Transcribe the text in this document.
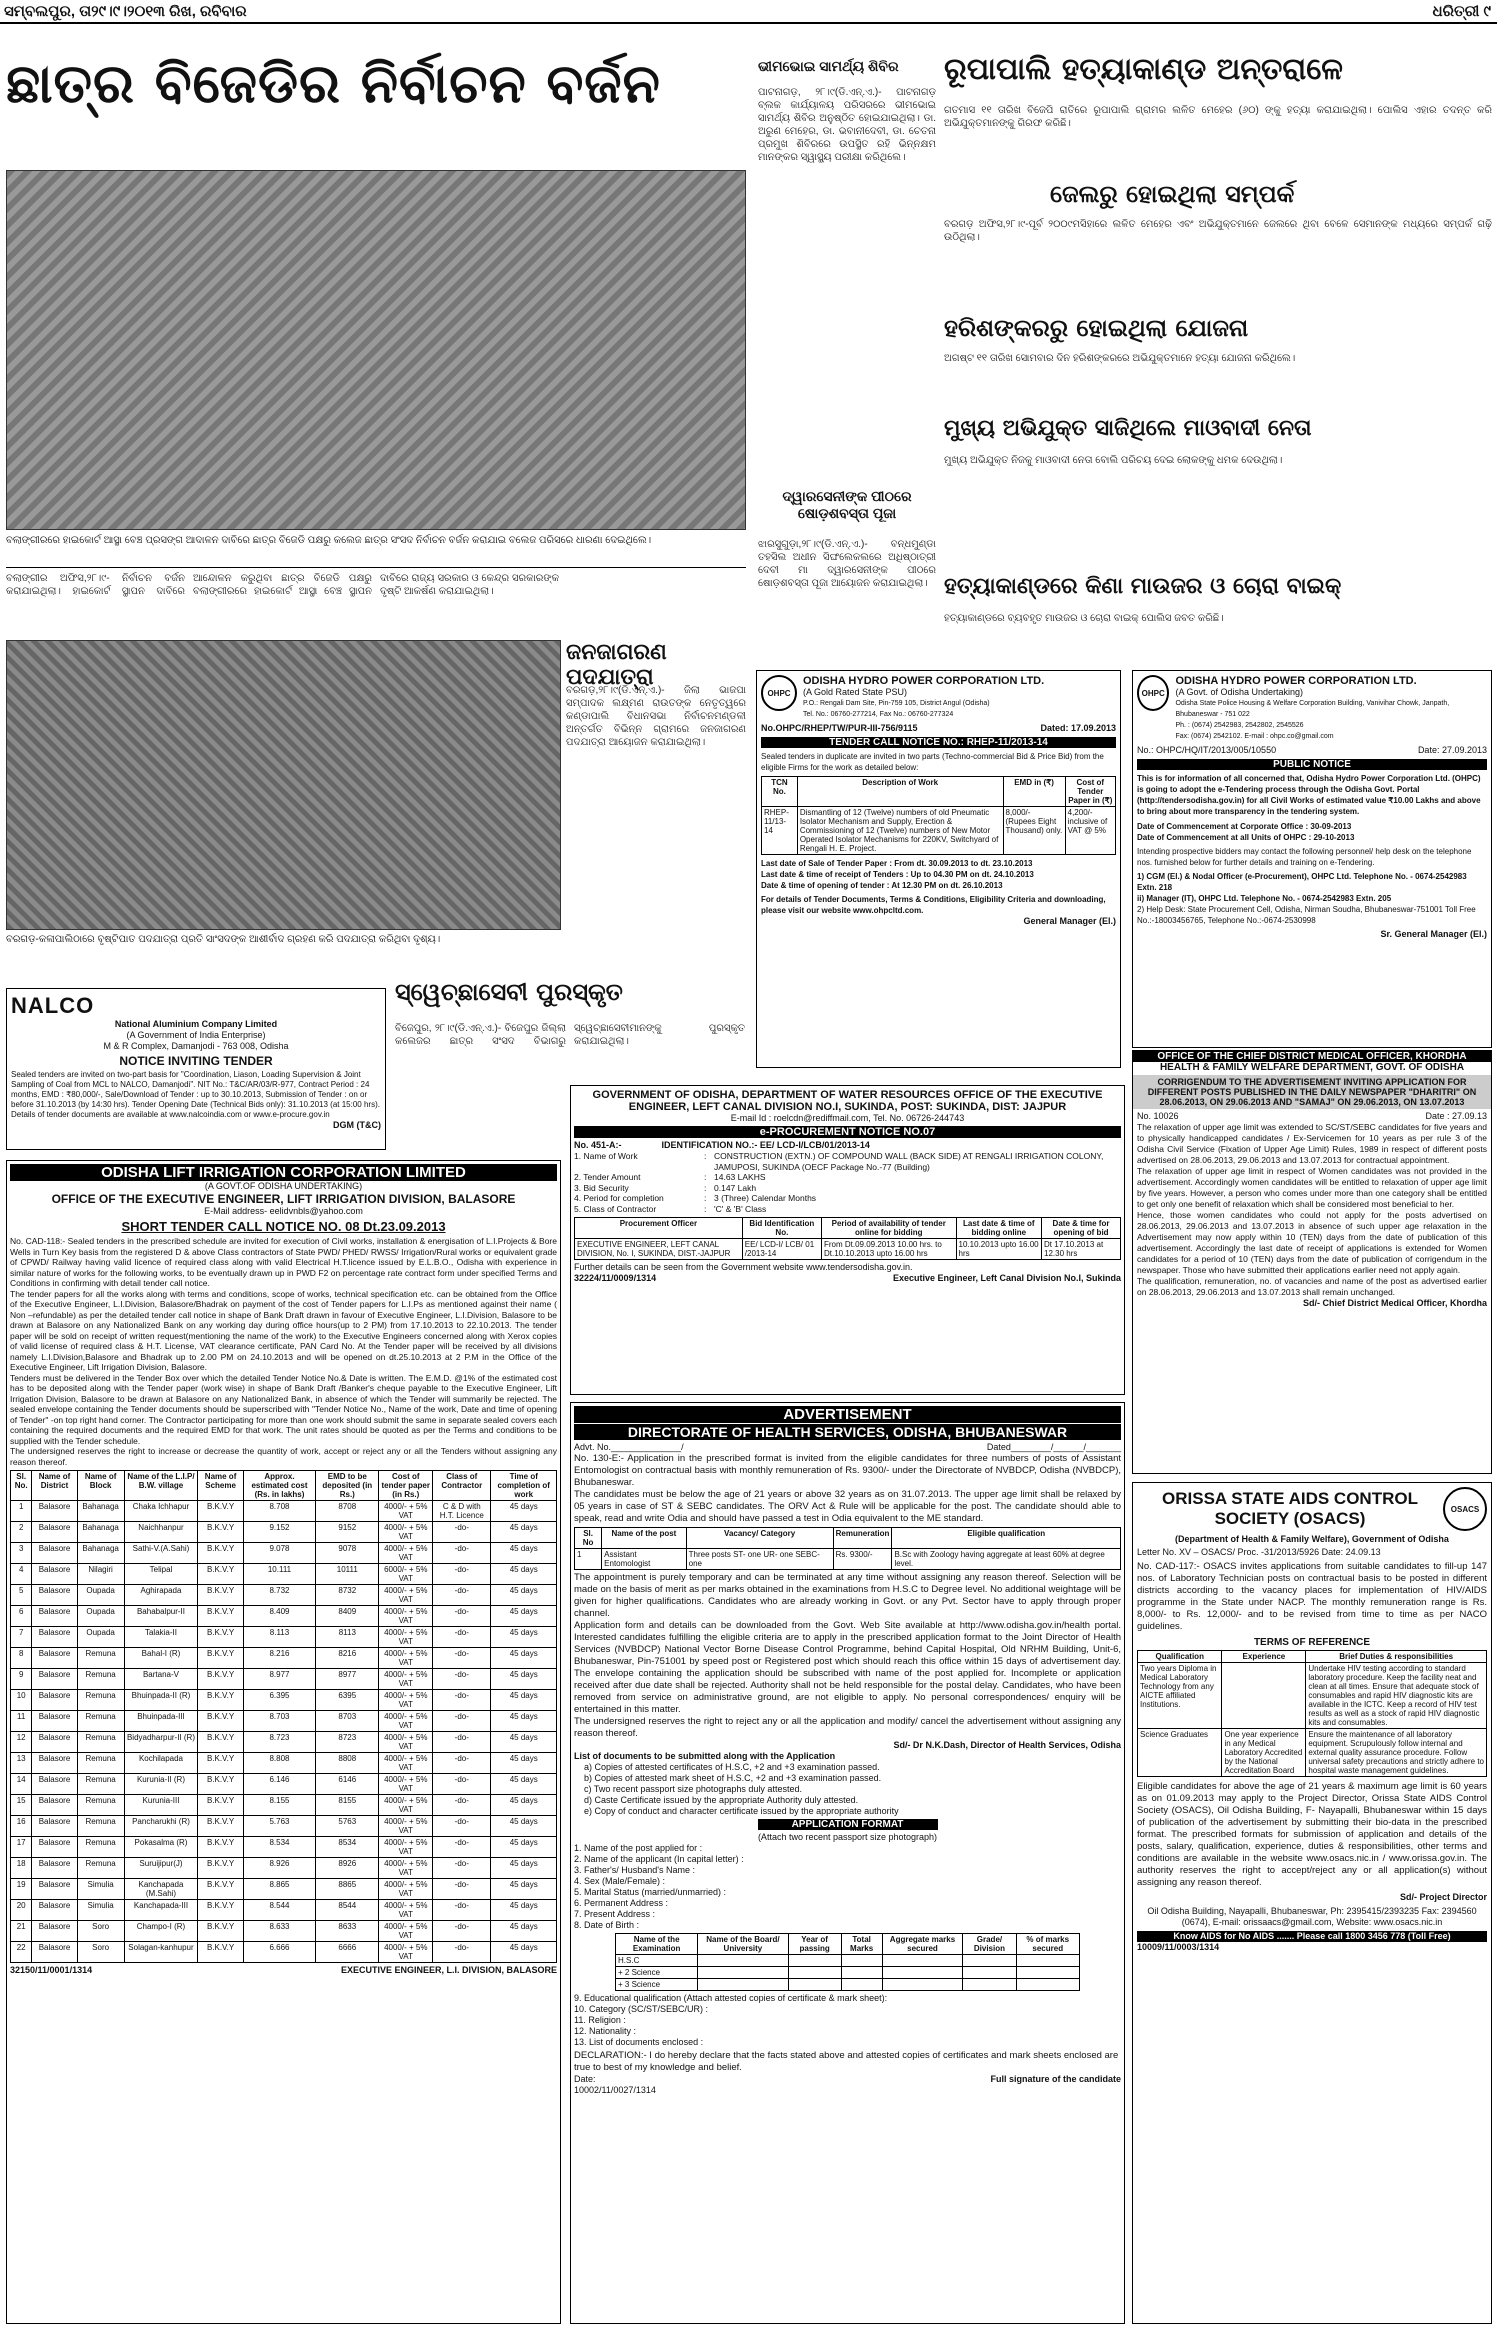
ସମ୍ବଲପୁର, ତା୨୯।୯।୨୦୧୩ ରିଖ, ରବିବାର	ଧରିତ୍ରୀ ୯
ଛାତ୍ର ବିଜେଡିର ନିର୍ବାଚନ ବର୍ଜନ
ବଲାଙ୍ଗୀରରେ ହାଇକୋର୍ଟ ଆସ୍ଥା ବେଞ୍ଚ ପ୍ରସଙ୍ଗ ଆଦାଳନ ଦାବିରେ ଛାତ୍ର ବିଜେଡି ପକ୍ଷରୁ କଲେଜ ଛାତ୍ର ସଂସଦ ନିର୍ବାଚନ ବର୍ଜନ କରାଯାଇ ବଲେଜ ପରିସରେ ଧାରଣା ଦେଇଥିଲେ।
ବଲାଙ୍ଗୀର ଅଫିସ,୨୮।୯- ନିର୍ବାଚନ ବର୍ଜନ କରାଯାଇଥିଲା। ହାଇକୋର୍ଟ ସ୍ଥାପନ ଦାବିରେ ଆନ୍ଦୋଳନ କରୁଥିବା ଛାତ୍ର ବିଜେଡି ପକ୍ଷରୁ ବଲାଙ୍ଗୀରରେ ହାଇକୋର୍ଟ ଆସ୍ଥା ବେଞ୍ଚ ସ୍ଥାପନ ଦାବିରେ ରାଜ୍ୟ ସରକାର ଓ କେନ୍ଦ୍ର ସରକାରଙ୍କ ଦୃଷ୍ଟି ଆକର୍ଷଣ କରାଯାଇଥିଲା।
ବରଗଡ଼-କଳାପାଲିଠାରେ ବୃଷ୍ଟିପାତ ପଦଯାତ୍ରା ପ୍ରତି ସାଂସଦଙ୍କ ଆଶୀର୍ବାଦ ଗ୍ରହଣ କରି ପଦଯାତ୍ରା କରିଥିବା ଦୃଶ୍ୟ।
ଜନଜାଗରଣ ପଦଯାତ୍ରା
ବରଗଡ଼,୨୮।୯(ଡି.ଏନ୍.ଏ.)- ଜିଲା ଭାଜପା ସମ୍ପାଦକ ଲକ୍ଷ୍ମଣ ରାଉତଙ୍କ ନେତୃତ୍ୱରେ କଣ୍ଡାପାଲି ବିଧାନସଭା ନିର୍ବାଚନମଣ୍ଡଳୀ ଅନ୍ତର୍ଗତ ବିଭିନ୍ନ ଗ୍ରାମରେ ଜନଜାଗରଣ ପଦଯାତ୍ରା ଆୟୋଜନ କରାଯାଇଥିଲା।
NALCO
National Aluminium Company Limited
(A Government of India Enterprise)
M & R Complex, Damanjodi - 763 008, Odisha
NOTICE INVITING TENDER
Sealed tenders are invited on two-part basis for "Coordination, Liason, Loading Supervision & Joint Sampling of Coal from MCL to NALCO, Damanjodi". NIT No.: T&C/AR/03/R-977, Contract Period : 24 months, EMD : ₹80,000/-, Sale/Download of Tender : up to 30.10.2013, Submission of Tender : on or before 31.10.2013 (by 14:30 hrs). Tender Opening Date (Technical Bids only): 31.10.2013 (at 15:00 hrs). Details of tender documents are available at www.nalcoindia.com or www.e-procure.gov.in
DGM (T&C)
ସ୍ୱେଚ୍ଛାସେବୀ ପୁରସ୍କୃତ
ବିଜେପୁର, ୨୮।୯(ଡି.ଏନ୍.ଏ.)- ବିଜେପୁର ଜିଲ୍ଲା କଲେଜର ଛାତ୍ର ସଂସଦ ବିଭାଗରୁ ସ୍ୱେଚ୍ଛାସେବୀମାନଙ୍କୁ ପୁରସ୍କୃତ କରାଯାଇଥିଲା।
ଭୀମଭୋଇ ସାମର୍ଥ୍ୟ ଶିବିର
ପାଟନାଗଡ଼, ୨୮।୯(ଡି.ଏନ୍.ଏ.)- ପାଟନାଗଡ଼ ବ୍ଲକ କାର୍ଯ୍ୟାଳୟ ପରିସରରେ ଭୀମଭୋଇ ସାମର୍ଥ୍ୟ ଶିବିର ଅନୁଷ୍ଠିତ ହୋଇଯାଇଥିଲା। ଡା. ଅରୁଣ ମେହେର, ଡା. ଭବାନୀଦେବୀ, ଡା. ଚେତନା ପ୍ରମୁଖ ଶିବିରରେ ଉପସ୍ଥିତ ରହି ଭିନ୍ନକ୍ଷମ ମାନଙ୍କର ସ୍ୱାସ୍ଥ୍ୟ ପରୀକ୍ଷା କରିଥିଲେ।
ଦ୍ୱାରସେନୀଙ୍କ ପୀଠରେ ଷୋଡ଼ଶବସ୍ତା ପୂଜା
ଝାରସୁଗୁଡ଼ା,୨୮।୯(ଡି.ଏନ୍.ଏ.)- ବନ୍ଧମୁଣ୍ଡା ତହସିଲ ଅଧୀନ ସିଙ୍ଘଲେକଲରେ ଅଧିଷ୍ଠାତ୍ରୀ ଦେବୀ ମା ଦ୍ୱାରସେନୀଙ୍କ ପୀଠରେ ଷୋଡ଼ଶବସ୍ତା ପୂଜା ଆୟୋଜନ କରାଯାଇଥିଲା।
ରୂପାପାଲି ହତ୍ୟାକାଣ୍ଡ ଅନ୍ତରାଳେ
ଗତମାସ ୧୧ ତାରିଖ ବିଜେପି ରାତିରେ ରୂପାପାଲି ଗ୍ରାମର ଲଳିତ ମେହେର (୬୦) ଙ୍କୁ ହତ୍ୟା କରାଯାଇଥିଲା। ପୋଲିସ ଏହାର ତଦନ୍ତ କରି ଅଭିଯୁକ୍ତମାନଙ୍କୁ ଗିରଫ କରିଛି।
ଜେଲରୁ ହୋଇଥିଲା ସମ୍ପର୍କ
ବରଗଡ଼ ଅଫିସ,୨୮।୯-ପୂର୍ବ ୨୦୦୯ମସିହାରେ ଲଳିତ ମେହେର ଏବଂ ଅଭିଯୁକ୍ତମାନେ ଜେଲରେ ଥିବା ବେଳେ ସେମାନଙ୍କ ମଧ୍ୟରେ ସମ୍ପର୍କ ଗଢ଼ି ଉଠିଥିଲା।
ହରିଶଙ୍କରରୁ ହୋଇଥିଲା ଯୋଜନା
ଅଗଷ୍ଟ ୧୧ ତାରିଖ ସୋମବାର ଦିନ ହରିଶଙ୍କରରେ ଅଭିଯୁକ୍ତମାନେ ହତ୍ୟା ଯୋଜନା କରିଥିଲେ।
ମୁଖ୍ୟ ଅଭିଯୁକ୍ତ ସାଜିଥିଲେ ମାଓବାଦୀ ନେତା
ମୁଖ୍ୟ ଅଭିଯୁକ୍ତ ନିଜକୁ ମାଓବାଦୀ ନେତା ବୋଲି ପରିଚୟ ଦେଇ ଲୋକଙ୍କୁ ଧମକ ଦେଉଥିଲା।
ହତ୍ୟାକାଣ୍ଡରେ କିଣା ମାଉଜର ଓ ଚୋରା ବାଇକ୍
ହତ୍ୟାକାଣ୍ଡରେ ବ୍ୟବହୃତ ମାଉଜର ଓ ଚୋରା ବାଇକ୍ ପୋଲିସ ଜବତ କରିଛି।
OHPC
ODISHA HYDRO POWER CORPORATION LTD.
(A Gold Rated State PSU)
P.O.: Rengali Dam Site, Pin-759 105, District Angul (Odisha)
Tel. No.: 06760-277214, Fax No.: 06760-277324
No.OHPC/RHEP/TW/PUR-III-756/9115	Dated: 17.09.2013
TENDER CALL NOTICE NO.: RHEP-11/2013-14
Sealed tenders in duplicate are invited in two parts (Techno-commercial Bid & Price Bid) from the eligible Firms for the work as detailed below:
TCN No.	Description of Work	EMD in (₹)	Cost of Tender Paper in (₹)
RHEP-11/13-14	Dismantling of 12 (Twelve) numbers of old Pneumatic Isolator Mechanism and Supply, Erection & Commissioning of 12 (Twelve) numbers of New Motor Operated Isolator Mechanisms for 220KV, Switchyard of Rengali H. E. Project.	8,000/- (Rupees Eight Thousand) only.	4,200/- inclusive of VAT @ 5%
Last date of Sale of Tender Paper : From dt. 30.09.2013 to dt. 23.10.2013
Last date & time of receipt of Tenders : Up to 04.30 PM on dt. 24.10.2013
Date & time of opening of tender : At 12.30 PM on dt. 26.10.2013
For details of Tender Documents, Terms & Conditions, Eligibility Criteria and downloading, please visit our website www.ohpcltd.com.
General Manager (El.)
OHPC
ODISHA HYDRO POWER CORPORATION LTD.
(A Govt. of Odisha Undertaking)
Odisha State Police Housing & Welfare Corporation Building, Vanivihar Chowk, Janpath, Bhubaneswar - 751 022
Ph. : (0674) 2542983, 2542802, 2545526
Fax: (0674) 2542102. E-mail : ohpc.co@gmail.com
No.: OHPC/HQ/IT/2013/005/10550	Date: 27.09.2013
PUBLIC NOTICE
This is for information of all concerned that, Odisha Hydro Power Corporation Ltd. (OHPC) is going to adopt the e-Tendering process through the Odisha Govt. Portal (http://tendersodisha.gov.in) for all Civil Works of estimated value ₹10.00 Lakhs and above to bring about more transparency in the tendering system.
Date of Commencement at Corporate Office : 30-09-2013
Date of Commencement at all Units of OHPC : 29-10-2013
Intending prospective bidders may contact the following personnel/ help desk on the telephone nos. furnished below for further details and training on e-Tendering.
1) CGM (El.) & Nodal Officer (e-Procurement), OHPC Ltd. Telephone No. - 0674-2542983 Extn. 218
ii) Manager (IT), OHPC Ltd. Telephone No. - 0674-2542983 Extn. 205
2) Help Desk: State Procurement Cell, Odisha, Nirman Soudha, Bhubaneswar-751001 Toll Free No.:-18003456765, Telephone No.:-0674-2530998
Sr. General Manager (El.)
OFFICE OF THE CHIEF DISTRICT MEDICAL OFFICER, KHORDHA
HEALTH & FAMILY WELFARE DEPARTMENT, GOVT. OF ODISHA
CORRIGENDUM TO THE ADVERTISEMENT INVITING APPLICATION FOR DIFFERENT POSTS PUBLISHED IN THE DAILY NEWSPAPER "DHARITRI" ON 28.06.2013, ON 29.06.2013 AND "SAMAJ" ON 29.06.2013, ON 13.07.2013
No. 10026	Date : 27.09.13
The relaxation of upper age limit was extended to SC/ST/SEBC candidates for five years and to physically handicapped candidates / Ex-Servicemen for 10 years as per rule 3 of the Odisha Civil Service (Fixation of Upper Age Limit) Rules, 1989 in respect of different posts advertised on 28.06.2013, 29.06.2013 and 13.07.2013 for contractual appointment.
The relaxation of upper age limit in respect of Women candidates was not provided in the advertisement. Accordingly women candidates will be entitled to relaxation of upper age limit by five years. However, a person who comes under more than one category shall be entitled to get only one benefit of relaxation which shall be considered most beneficial to her.
Hence, those women candidates who could not apply for the posts advertised on 28.06.2013, 29.06.2013 and 13.07.2013 in absence of such upper age relaxation in the Advertisement may now apply within 10 (TEN) days from the date of publication of this advertisement. Accordingly the last date of receipt of applications is extended for Women candidates for a period of 10 (TEN) days from the date of publication of corrigendum in the newspaper. Those who have submitted their applications earlier need not apply again.
The qualification, remuneration, no. of vacancies and name of the post as advertised earlier on 28.06.2013, 29.06.2013 and 13.07.2013 shall remain unchanged.
Sd/- Chief District Medical Officer, Khordha
ORISSA STATE AIDS CONTROL SOCIETY (OSACS)	OSACS
(Department of Health & Family Welfare), Government of Odisha
Letter No. XV – OSACS/ Proc. -31/2013/5926 Date: 24.09.13
No. CAD-117:- OSACS invites applications from suitable candidates to fill-up 147 nos. of Laboratory Technician posts on contractual basis to be posted in different districts according to the vacancy places for implementation of HIV/AIDS programme in the State under NACP. The monthly remuneration range is Rs. 8,000/- to Rs. 12,000/- and to be revised from time to time as per NACO guidelines.
TERMS OF REFERENCE
Qualification	Experience	Brief Duties & responsibilities
Two years Diploma in Medical Laboratory Technology from any AICTE affiliated Institutions.		Undertake HIV testing according to standard laboratory procedure. Keep the facility neat and clean at all times. Ensure that adequate stock of consumables and rapid HIV diagnostic kits are available in the ICTC. Keep a record of HIV test results as well as a stock of rapid HIV diagnostic kits and consumables.
Science Graduates	One year experience in any Medical Laboratory Accredited by the National Accreditation Board	Ensure the maintenance of all laboratory equipment. Scrupulously follow internal and external quality assurance procedure. Follow universal safety precautions and strictly adhere to hospital waste management guidelines.
Eligible candidates for above the age of 21 years & maximum age limit is 60 years as on 01.09.2013 may apply to the Project Director, Orissa State AIDS Control Society (OSACS), Oil Odisha Building, F- Nayapalli, Bhubaneswar within 15 days of publication of the advertisement by submitting their bio-data in the prescribed format. The prescribed formats for submission of application and details of the posts, salary, qualification, experience, duties & responsibilities, other terms and conditions are available in the website www.osacs.nic.in / www.orissa.gov.in. The authority reserves the right to accept/reject any or all application(s) without assigning any reason thereof.
Sd/- Project Director
Oil Odisha Building, Nayapalli, Bhubaneswar, Ph: 2395415/2393235 Fax: 2394560 (0674), E-mail: orissaacs@gmail.com, Website: www.osacs.nic.in
Know AIDS for No AIDS ....... Please call 1800 3456 778 (Toll Free)
10009/11/0003/1314
GOVERNMENT OF ODISHA, DEPARTMENT OF WATER RESOURCES OFFICE OF THE EXECUTIVE ENGINEER, LEFT CANAL DIVISION NO.I, SUKINDA, POST: SUKINDA, DIST: JAJPUR
E-mail Id : roelcdn@rediffmail.com, Tel. No. 06726-244743
e-PROCUREMENT NOTICE NO.07
No. 451-A:-	IDENTIFICATION NO.:- EE/ LCD-I/LCB/01/2013-14
1. Name of Work	: CONSTRUCTION (EXTN.) OF COMPOUND WALL (BACK SIDE) AT RENGALI IRRIGATION COLONY, JAMUPOSI, SUKINDA (OECF Package No.-77 (Building)
2. Tender Amount	: 14.63 LAKHS
3. Bid Security	: 0.147 Lakh
4. Period for completion	: 3 (Three) Calendar Months
5. Class of Contractor	: 'C' & 'B' Class
Procurement Officer	Bid Identification No.	Period of availability of tender online for bidding	Last date & time of bidding online	Date & time for opening of bid
EXECUTIVE ENGINEER, LEFT CANAL DIVISION, No. I, SUKINDA, DIST.-JAJPUR	EE/ LCD-I/ LCB/ 01 /2013-14	From Dt.09.09.2013 10.00 hrs. to Dt.10.10.2013 upto 16.00 hrs	10.10.2013 upto 16.00 hrs	Dt 17.10.2013 at 12.30 hrs
Further details can be seen from the Government website www.tendersodisha.gov.in.
32224/11/0009/1314	Executive Engineer, Left Canal Division No.I, Sukinda
ADVERTISEMENT
DIRECTORATE OF HEALTH SERVICES, ODISHA, BHUBANESWAR
Advt. No.______________/	Dated________/______/_______
No. 130-E:- Application in the prescribed format is invited from the eligible candidates for three numbers of posts of Assistant Entomologist on contractual basis with monthly remuneration of Rs. 9300/- under the Directorate of NVBDCP, Odisha (NVBDCP), Bhubaneswar.
The candidates must be below the age of 21 years or above 32 years as on 31.07.2013. The upper age limit shall be relaxed by 05 years in case of ST & SEBC candidates. The ORV Act & Rule will be applicable for the post. The candidate should able to speak, read and write Odia and should have passed a test in Odia equivalent to the ME standard.
Sl. No	Name of the post	Vacancy/ Category	Remuneration	Eligible qualification
1	Assistant Entomologist	Three posts ST- one UR- one SEBC- one	Rs. 9300/-	B.Sc with Zoology having aggregate at least 60% at degree level.
The appointment is purely temporary and can be terminated at any time without assigning any reason thereof. Selection will be made on the basis of merit as per marks obtained in the examinations from H.S.C to Degree level. No additional weightage will be given for higher qualifications. Candidates who are already working in Govt. or any Pvt. Sector have to apply through proper channel.
Application form and details can be downloaded from the Govt. Web Site available at http://www.odisha.gov.in/health portal. Interested candidates fulfilling the eligible criteria are to apply in the prescribed application format to the Joint Director of Health Services (NVBDCP) National Vector Borne Disease Control Programme, behind Capital Hospital, Old NRHM Building, Unit-6, Bhubaneswar, Pin-751001 by speed post or Registered post which should reach this office within 15 days of advertisement day. The envelope containing the application should be subscribed with name of the post applied for. Incomplete or application received after due date shall be rejected. Authority shall not be held responsible for the postal delay. Candidates, who have been removed from service on administrative ground, are not eligible to apply. No personal correspondences/ enquiry will be entertained in this matter.
The undersigned reserves the right to reject any or all the application and modify/ cancel the advertisement without assigning any reason thereof.
Sd/- Dr N.K.Dash, Director of Health Services, Odisha
List of documents to be submitted along with the Application
a) Copies of attested certificates of H.S.C, +2 and +3 examination passed.
b) Copies of attested mark sheet of H.S.C, +2 and +3 examination passed.
c) Two recent passport size photographs duly attested.
d) Caste Certificate issued by the appropriate Authority duly attested.
e) Copy of conduct and character certificate issued by the appropriate authority
APPLICATION FORMAT
(Attach two recent passport size photograph)
1. Name of the post applied for :
2. Name of the applicant (In capital letter) :
3. Father's/ Husband's Name :
4. Sex (Male/Female) :
5. Marital Status (married/unmarried) :
6. Permanent Address :
7. Present Address :
8. Date of Birth :
Name of the Examination	Name of the Board/ University	Year of passing	Total Marks	Aggregate marks secured	Grade/ Division	% of marks secured
H.S.C						
+ 2 Science						
+ 3 Science						
9. Educational qualification (Attach attested copies of certificate & mark sheet):
10. Category (SC/ST/SEBC/UR) :
11. Religion :
12. Nationality :
13. List of documents enclosed :
DECLARATION:- I do hereby declare that the facts stated above and attested copies of certificates and mark sheets enclosed are true to best of my knowledge and belief.
Date:	Full signature of the candidate
10002/11/0027/1314
ODISHA LIFT IRRIGATION CORPORATION LIMITED
(A GOVT.OF ODISHA UNDERTAKING)
OFFICE OF THE EXECUTIVE ENGINEER, LIFT IRRIGATION DIVISION, BALASORE
E-Mail address- eelidvnbls@yahoo.com
SHORT TENDER CALL NOTICE NO. 08 Dt.23.09.2013
No. CAD-118:- Sealed tenders in the prescribed schedule are invited for execution of Civil works, installation & energisation of L.I.Projects & Bore Wells in Turn Key basis from the registered D & above Class contractors of State PWD/ PHED/ RWSS/ Irrigation/Rural works or equivalent grade of CPWD/ Railway having valid licence of required class along with valid Electrical H.T.licence issued by E.L.B.O., Odisha with experience in similar nature of works for the following works, to be eventually drawn up in PWD F2 on percentage rate contract form under specified Terms and Conditions in confirming with detail tender call notice.
The tender papers for all the works along with terms and conditions, scope of works, technical specification etc. can be obtained from the Office of the Executive Engineer, L.I.Division, Balasore/Bhadrak on payment of the cost of Tender papers for L.I.Ps as mentioned against their name ( Non –refundable) as per the detailed tender call notice in shape of Bank Draft drawn in favour of Executive Engineer, L.I.Division, Balasore to be drawn at Balasore on any Nationalized Bank on any working day during office hours(up to 2 PM) from 17.10.2013 to 22.10.2013. The tender paper will be sold on receipt of written request(mentioning the name of the work) to the Executive Engineers concerned along with Xerox copies of valid license of required class & H.T. License, VAT clearance certificate, PAN Card No. At the Tender paper will be received by all divisions namely L.I.Division,Balasore and Bhadrak up to 2.00 PM on 24.10.2013 and will be opened on dt.25.10.2013 at 2 P.M in the Office of the Executive Engineer, Lift Irrigation Division, Balasore.
Tenders must be delivered in the Tender Box over which the detailed Tender Notice No.& Date is written. The E.M.D. @1% of the estimated cost has to be deposited along with the Tender paper (work wise) in shape of Bank Draft /Banker's cheque payable to the Executive Engineer, Lift Irrigation Division, Balasore to be drawn at Balasore on any Nationalized Bank, in absence of which the Tender will summarily be rejected. The sealed envelope containing the Tender documents should be superscribed with "Tender Notice No., Name of the work, Date and time of opening of Tender" -on top right hand corner. The Contractor participating for more than one work should submit the same in separate sealed covers each containing the required documents and the required EMD for that work. The unit rates should be quoted as per the Terms and conditions to be supplied with the Tender schedule.
The undersigned reserves the right to increase or decrease the quantity of work, accept or reject any or all the Tenders without assigning any reason thereof.
Sl. No.	Name of District	Name of Block	Name of the L.I.P/ B.W. village	Name of Scheme	Approx. estimated cost (Rs. in lakhs)	EMD to be deposited (in Rs.)	Cost of tender paper (in Rs.)	Class of Contractor	Time of completion of work
1	Balasore	Bahanaga	Chaka Ichhapur	B.K.V.Y	8.708	8708	4000/- + 5% VAT	C & D with H.T. Licence	45 days
2	Balasore	Bahanaga	Naichhanpur	B.K.V.Y	9.152	9152	4000/- + 5% VAT	-do-	45 days
3	Balasore	Bahanaga	Sathi-V.(A.Sahi)	B.K.V.Y	9.078	9078	4000/- + 5% VAT	-do-	45 days
4	Balasore	Nilagiri	Telipal	B.K.V.Y	10.111	10111	6000/- + 5% VAT	-do-	45 days
5	Balasore	Oupada	Aghirapada	B.K.V.Y	8.732	8732	4000/- + 5% VAT	-do-	45 days
6	Balasore	Oupada	Bahabalpur-II	B.K.V.Y	8.409	8409	4000/- + 5% VAT	-do-	45 days
7	Balasore	Oupada	Talakia-II	B.K.V.Y	8.113	8113	4000/- + 5% VAT	-do-	45 days
8	Balasore	Remuna	Bahal-I (R)	B.K.V.Y	8.216	8216	4000/- + 5% VAT	-do-	45 days
9	Balasore	Remuna	Bartana-V	B.K.V.Y	8.977	8977	4000/- + 5% VAT	-do-	45 days
10	Balasore	Remuna	Bhuinpada-II (R)	B.K.V.Y	6.395	6395	4000/- + 5% VAT	-do-	45 days
11	Balasore	Remuna	Bhuinpada-III	B.K.V.Y	8.703	8703	4000/- + 5% VAT	-do-	45 days
12	Balasore	Remuna	Bidyadharpur-II (R)	B.K.V.Y	8.723	8723	4000/- + 5% VAT	-do-	45 days
13	Balasore	Remuna	Kochilapada	B.K.V.Y	8.808	8808	4000/- + 5% VAT	-do-	45 days
14	Balasore	Remuna	Kurunia-II (R)	B.K.V.Y	6.146	6146	4000/- + 5% VAT	-do-	45 days
15	Balasore	Remuna	Kurunia-III	B.K.V.Y	8.155	8155	4000/- + 5% VAT	-do-	45 days
16	Balasore	Remuna	Pancharukhi (R)	B.K.V.Y	5.763	5763	4000/- + 5% VAT	-do-	45 days
17	Balasore	Remuna	Pokasalma (R)	B.K.V.Y	8.534	8534	4000/- + 5% VAT	-do-	45 days
18	Balasore	Remuna	Suruijipur(J)	B.K.V.Y	8.926	8926	4000/- + 5% VAT	-do-	45 days
19	Balasore	Simulia	Kanchapada (M.Sahi)	B.K.V.Y	8.865	8865	4000/- + 5% VAT	-do-	45 days
20	Balasore	Simulia	Kanchapada-III	B.K.V.Y	8.544	8544	4000/- + 5% VAT	-do-	45 days
21	Balasore	Soro	Champo-I (R)	B.K.V.Y	8.633	8633	4000/- + 5% VAT	-do-	45 days
22	Balasore	Soro	Solagan-kanhupur	B.K.V.Y	6.666	6666	4000/- + 5% VAT	-do-	45 days
32150/11/0001/1314	EXECUTIVE ENGINEER, L.I. DIVISION, BALASORE
